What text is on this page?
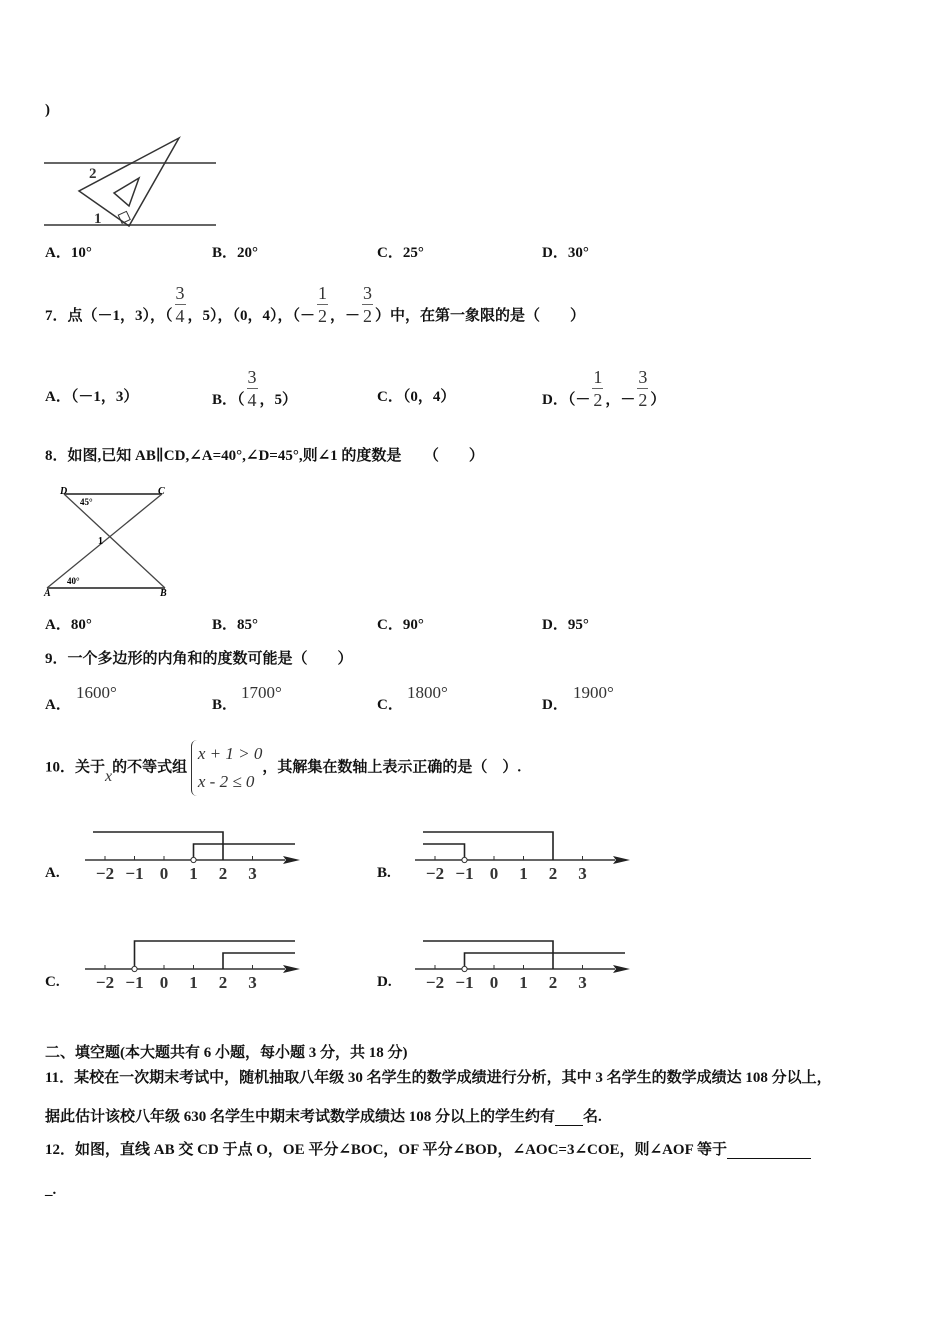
)
2
1
A．10°	B．20°	C．25°	D．30°
7．点（－1，3），（ $\frac{3}{4}$ ，5），（0，4），（－ $\frac{1}{2}$ ，－ $\frac{3}{2}$ ）中，在第一象限的是（　　）
A．（－1，3）	B．（ $\frac{3}{4}$ ，5）	C．（0，4）	D．（－ $\frac{1}{2}$ ，－ $\frac{3}{2}$ ）
8．如图,已知 AB∥CD,∠A=40°,∠D=45°,则∠1 的度数是　　（　　）
D	C
A	B
45°
40°
1
A．80°	B．85°	C．90°	D．95°
9．一个多边形的内角和的度数可能是（　　）
A．
1600°
B．
1700°
C．
1800°
D．
1900°
10．关于x的不等式组
x + 1 > 0
x - 2 ≤ 0
，其解集在数轴上表示正确的是（　）.
A. −2 −1 0 1 2 3	B. −2 −1 0 1 2 3
C. −2 −1 0 1 2 3	D. −2 −1 0 1 2 3
二、填空题(本大题共有 6 小题，每小题 3 分，共 18 分)
11．某校在一次期末考试中，随机抽取八年级 30 名学生的数学成绩进行分析，其中 3 名学生的数学成绩达 108 分以上，
据此估计该校八年级 630 名学生中期末考试数学成绩达 108 分以上的学生约有 名.
12．如图，直线 AB 交 CD 于点 O，OE 平分∠BOC，OF 平分∠BOD，∠AOC=3∠COE，则∠AOF 等于
_.
